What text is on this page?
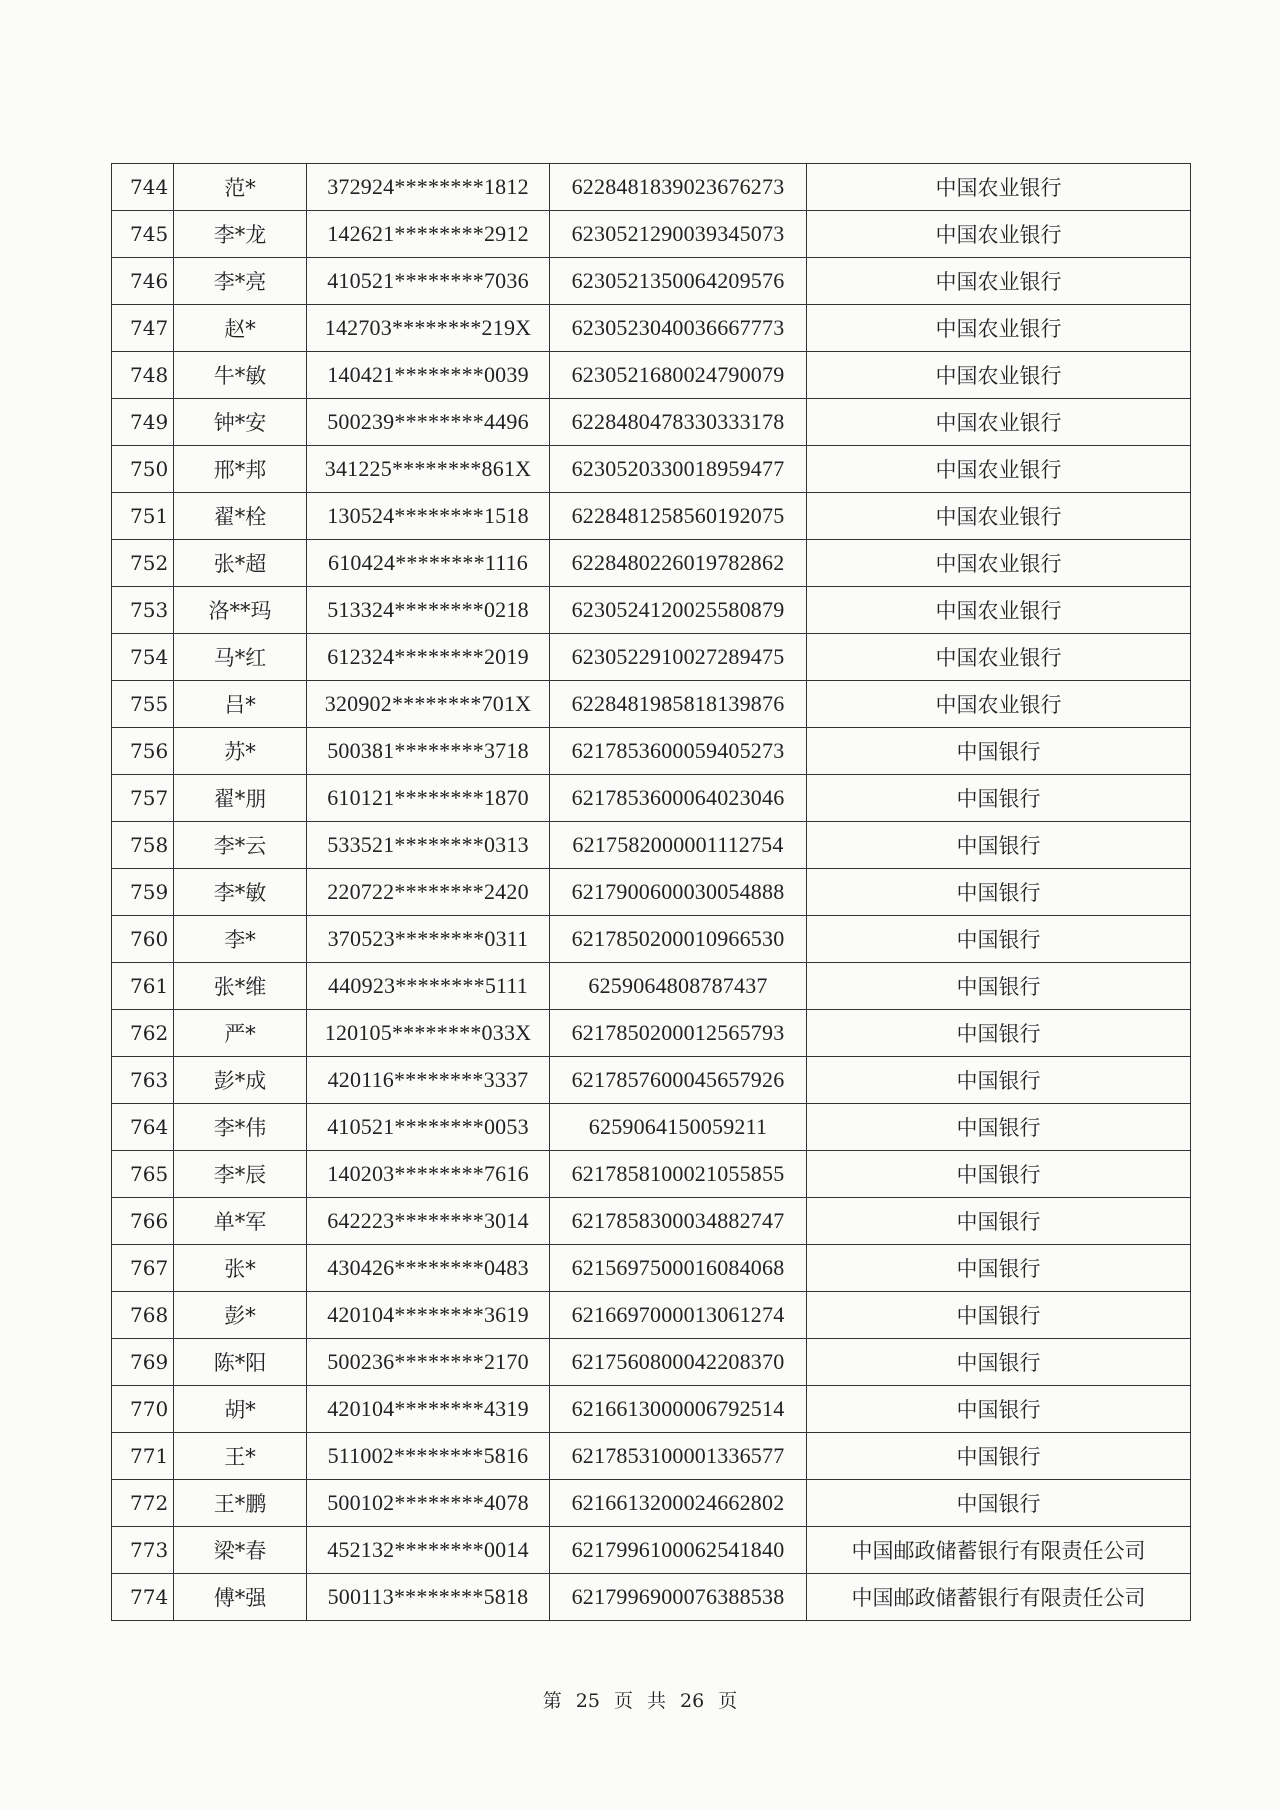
744	范*	372924********1812	6228481839023676273	中国农业银行
745	李*龙	142621********2912	6230521290039345073	中国农业银行
746	李*亮	410521********7036	6230521350064209576	中国农业银行
747	赵*	142703********219X	6230523040036667773	中国农业银行
748	牛*敏	140421********0039	6230521680024790079	中国农业银行
749	钟*安	500239********4496	6228480478330333178	中国农业银行
750	邢*邦	341225********861X	6230520330018959477	中国农业银行
751	翟*栓	130524********1518	6228481258560192075	中国农业银行
752	张*超	610424********1116	6228480226019782862	中国农业银行
753	洛**玛	513324********0218	6230524120025580879	中国农业银行
754	马*红	612324********2019	6230522910027289475	中国农业银行
755	吕*	320902********701X	6228481985818139876	中国农业银行
756	苏*	500381********3718	6217853600059405273	中国银行
757	翟*朋	610121********1870	6217853600064023046	中国银行
758	李*云	533521********0313	6217582000001112754	中国银行
759	李*敏	220722********2420	6217900600030054888	中国银行
760	李*	370523********0311	6217850200010966530	中国银行
761	张*维	440923********5111	6259064808787437	中国银行
762	严*	120105********033X	6217850200012565793	中国银行
763	彭*成	420116********3337	6217857600045657926	中国银行
764	李*伟	410521********0053	6259064150059211	中国银行
765	李*辰	140203********7616	6217858100021055855	中国银行
766	单*军	642223********3014	6217858300034882747	中国银行
767	张*	430426********0483	6215697500016084068	中国银行
768	彭*	420104********3619	6216697000013061274	中国银行
769	陈*阳	500236********2170	6217560800042208370	中国银行
770	胡*	420104********4319	6216613000006792514	中国银行
771	王*	511002********5816	6217853100001336577	中国银行
772	王*鹏	500102********4078	6216613200024662802	中国银行
773	梁*春	452132********0014	6217996100062541840	中国邮政储蓄银行有限责任公司
774	傅*强	500113********5818	6217996900076388538	中国邮政储蓄银行有限责任公司
第 25 页 共 26 页
